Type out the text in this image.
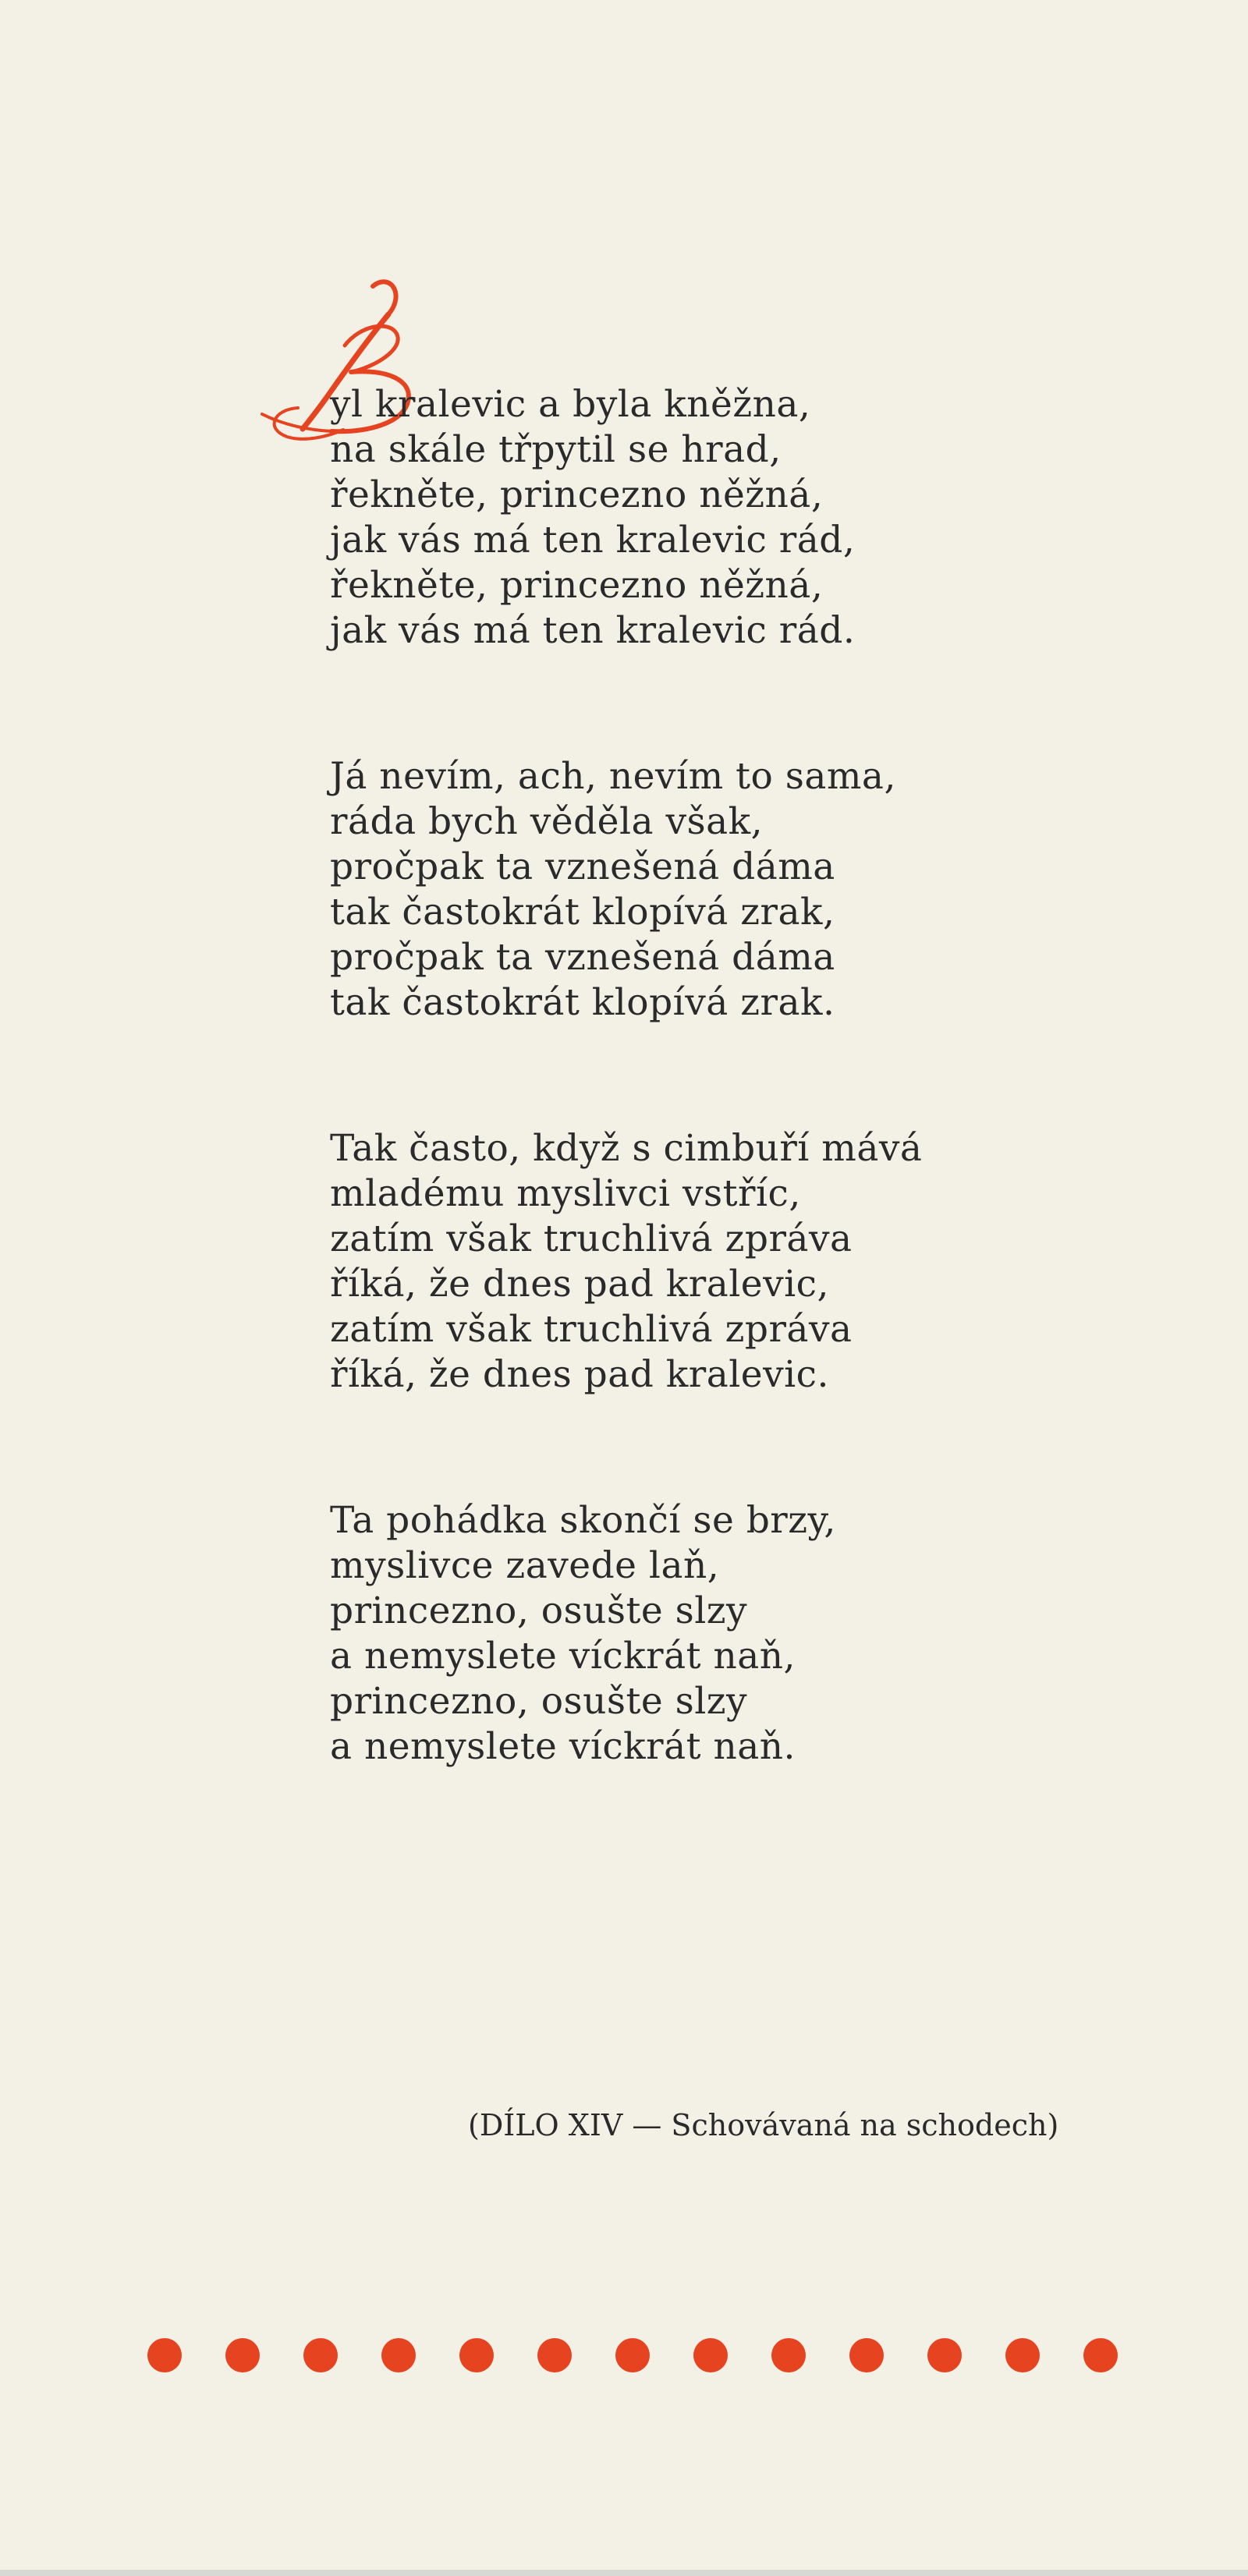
yl kralevic a byla kněžna,
na skále třpytil se hrad,
řekněte, princezno něžná,
jak vás má ten kralevic rád,
řekněte, princezno něžná,
jak vás má ten kralevic rád.
Já nevím, ach, nevím to sama,
ráda bych věděla však,
pročpak ta vznešená dáma
tak častokrát klopívá zrak,
pročpak ta vznešená dáma
tak častokrát klopívá zrak.
Tak často, když s cimbuří mává
mladému myslivci vstříc,
zatím však truchlivá zpráva
říká, že dnes pad kralevic,
zatím však truchlivá zpráva
říká, že dnes pad kralevic.
Ta pohádka skončí se brzy,
myslivce zavede laň,
princezno, osušte slzy
a nemyslete víckrát naň,
princezno, osušte slzy
a nemyslete víckrát naň.
(DÍLO XIV — Schovávaná na schodech)
